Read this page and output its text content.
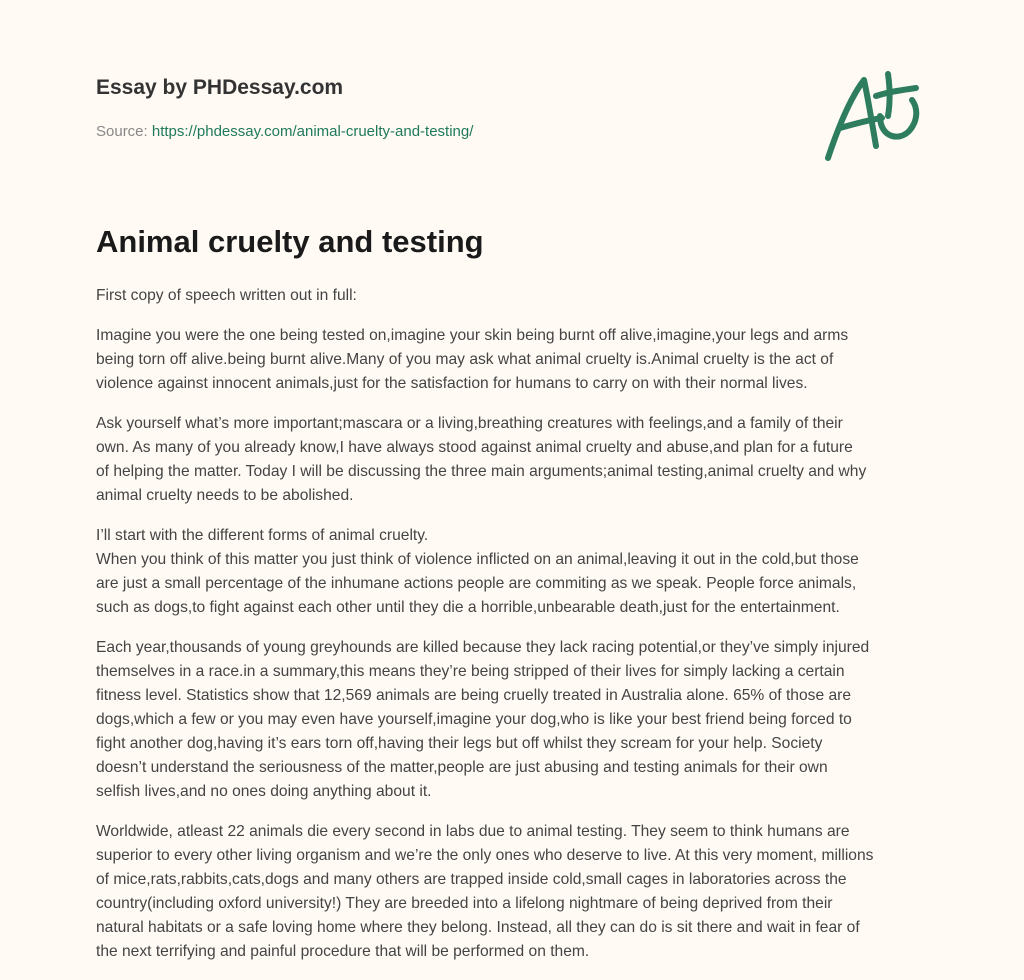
Essay by PHDessay.com
Source: https://phdessay.com/animal-cruelty-and-testing/
Animal cruelty and testing

First copy of speech written out in full:

Imagine you were the one being tested on,imagine your skin being burnt off alive,imagine,your legs and arms
being torn off alive.being burnt alive.Many of you may ask what animal cruelty is.Animal cruelty is the act of
violence against innocent animals,just for the satisfaction for humans to carry on with their normal lives.

Ask yourself what’s more important;mascara or a living,breathing creatures with feelings,and a family of their
own. As many of you already know,I have always stood against animal cruelty and abuse,and plan for a future
of helping the matter. Today I will be discussing the three main arguments;animal testing,animal cruelty and why
animal cruelty needs to be abolished.

I’ll start with the different forms of animal cruelty.
When you think of this matter you just think of violence inflicted on an animal,leaving it out in the cold,but those
are just a small percentage of the inhumane actions people are commiting as we speak. People force animals,
such as dogs,to fight against each other until they die a horrible,unbearable death,just for the entertainment.

Each year,thousands of young greyhounds are killed because they lack racing potential,or they’ve simply injured
themselves in a race.in a summary,this means they’re being stripped of their lives for simply lacking a certain
fitness level. Statistics show that 12,569 animals are being cruelly treated in Australia alone. 65% of those are
dogs,which a few or you may even have yourself,imagine your dog,who is like your best friend being forced to
fight another dog,having it’s ears torn off,having their legs but off whilst they scream for your help. Society
doesn’t understand the seriousness of the matter,people are just abusing and testing animals for their own
selfish lives,and no ones doing anything about it.

Worldwide, atleast 22 animals die every second in labs due to animal testing. They seem to think humans are
superior to every other living organism and we’re the only ones who deserve to live. At this very moment, millions
of mice,rats,rabbits,cats,dogs and many others are trapped inside cold,small cages in laboratories across the
country(including oxford university!) They are breeded into a lifelong nightmare of being deprived from their
natural habitats or a safe loving home where they belong. Instead, all they can do is sit there and wait in fear of
the next terrifying and painful procedure that will be performed on them.
